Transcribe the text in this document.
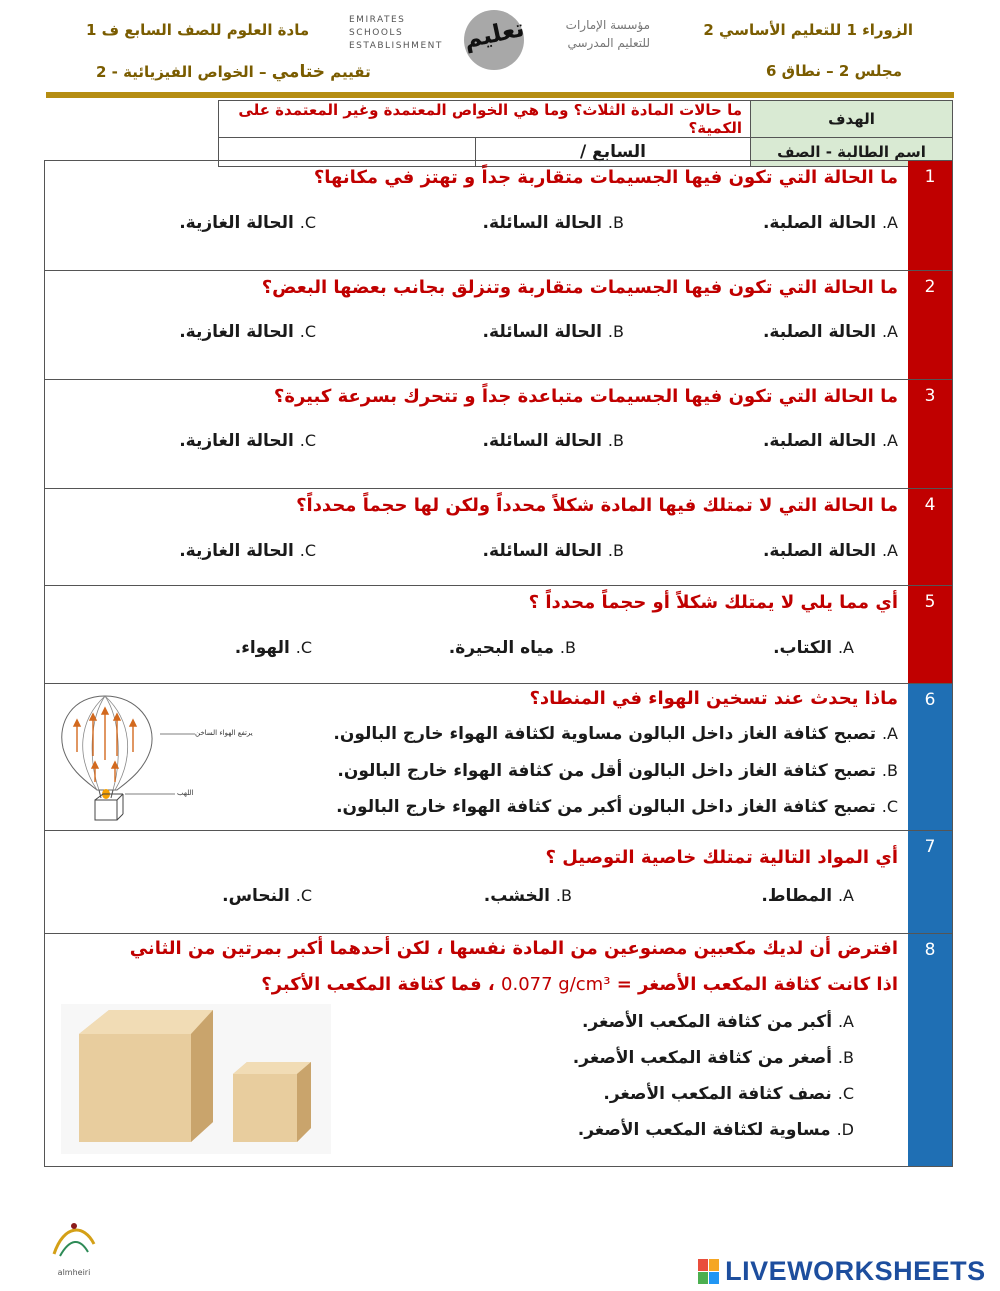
الزوراء 1 للتعليم الأساسي 2
مجلس 2 – نطاق 6
مادة العلوم للصف السابع ف 1
تقييم ختامي – الخواص الفيزيائية - 2
EMIRATES SCHOOLS
ESTABLISHMENT تعليم	مؤسسة الإمارات
للتعليم المدرسي
ما حالات المادة الثلاث؟ وما هي الخواص المعتمدة وغير المعتمدة على الكمية؟		الهدف
	السابع /	اسم الطالبة - الصف
1
ما الحالة التي تكون فيها الجسيمات متقاربة جداً و تهتز في مكانها؟
A. الحالة الصلبة.
B. الحالة السائلة.
C. الحالة الغازية.
2
ما الحالة التي تكون فيها الجسيمات متقاربة وتنزلق بجانب بعضها البعض؟
A. الحالة الصلبة.
B. الحالة السائلة.
C. الحالة الغازية.
3
ما الحالة التي تكون فيها الجسيمات متباعدة جداً و تتحرك بسرعة كبيرة؟
A. الحالة الصلبة.
B. الحالة السائلة.
C. الحالة الغازية.
4
ما الحالة التي لا تمتلك فيها المادة شكلاً محدداً ولكن لها حجماً محدداً؟
A. الحالة الصلبة.
B. الحالة السائلة.
C. الحالة الغازية.
5
أي مما يلي لا يمتلك شكلاً أو حجماً محدداً ؟
A. الكتاب.
B. مياه البحيرة.
C. الهواء.
6
ماذا يحدث عند تسخين الهواء في المنطاد؟
A. تصبح كثافة الغاز داخل البالون مساوية لكثافة الهواء خارج البالون.
B. تصبح كثافة الغاز داخل البالون أقل من كثافة الهواء خارج البالون.
C. تصبح كثافة الغاز داخل البالون أكبر من كثافة الهواء خارج البالون.
يرتفع الهواء الساخن
اللهب
7
أي المواد التالية تمتلك خاصية التوصيل ؟
A. المطاط.
B. الخشب.
C. النحاس.
8
افترض أن لديك مكعبين مصنوعين من المادة نفسها ، لكن أحدهما أكبر بمرتين من الثاني
اذا كانت كثافة المكعب الأصغر = 0.077 g/cm³ ، فما كثافة المكعب الأكبر؟
A. أكبر من كثافة المكعب الأصغر.
B. أصغر من كثافة المكعب الأصغر.
C. نصف كثافة المكعب الأصغر.
D. مساوية لكثافة المكعب الأصغر.
almheiri	LIVEWORKSHEETS
